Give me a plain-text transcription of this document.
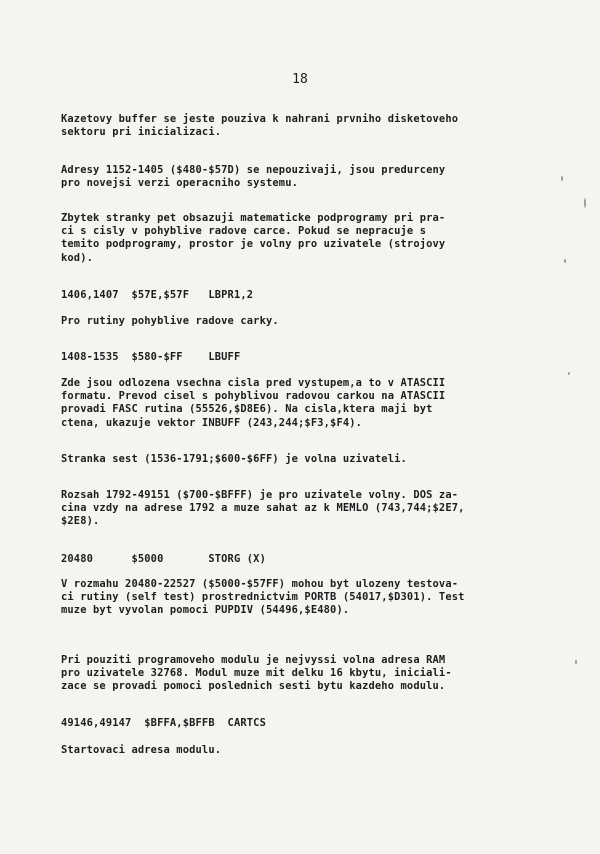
18
Kazetovy buffer se jeste pouziva k nahrani prvniho disketoveho
sektoru pri inicializaci.
Adresy 1152-1405 ($480-$57D) se nepouzivaji, jsou predurceny
pro novejsi verzi operacniho systemu.
Zbytek stranky pet obsazuji matematicke podprogramy pri pra-
ci s cisly v pohyblive radove carce. Pokud se nepracuje s
temito podprogramy, prostor je volny pro uzivatele (strojovy
kod).
1406,1407  $57E,$57F   LBPR1,2
Pro rutiny pohyblive radove carky.
1408-1535  $580-$FF    LBUFF
Zde jsou odlozena vsechna cisla pred vystupem,a to v ATASCII
formatu. Prevod cisel s pohyblivou radovou carkou na ATASCII
provadi FASC rutina (55526,$D8E6). Na cisla,ktera maji byt
ctena, ukazuje vektor INBUFF (243,244;$F3,$F4).
Stranka sest (1536-1791;$600-$6FF) je volna uzivateli.
Rozsah 1792-49151 ($700-$BFFF) je pro uzivatele volny. DOS za-
cina vzdy na adrese 1792 a muze sahat az k MEMLO (743,744;$2E7,
$2E8).
20480      $5000       STORG (X)
V rozmahu 20480-22527 ($5000-$57FF) mohou byt ulozeny testova-
ci rutiny (self test) prostrednictvim PORTB (54017,$D301). Test
muze byt vyvolan pomoci PUPDIV (54496,$E480).
Pri pouziti programoveho modulu je nejvyssi volna adresa RAM
pro uzivatele 32768. Modul muze mit delku 16 kbytu, iniciali-
zace se provadi pomoci poslednich sesti bytu kazdeho modulu.
49146,49147  $BFFA,$BFFB  CARTCS
Startovaci adresa modulu.
